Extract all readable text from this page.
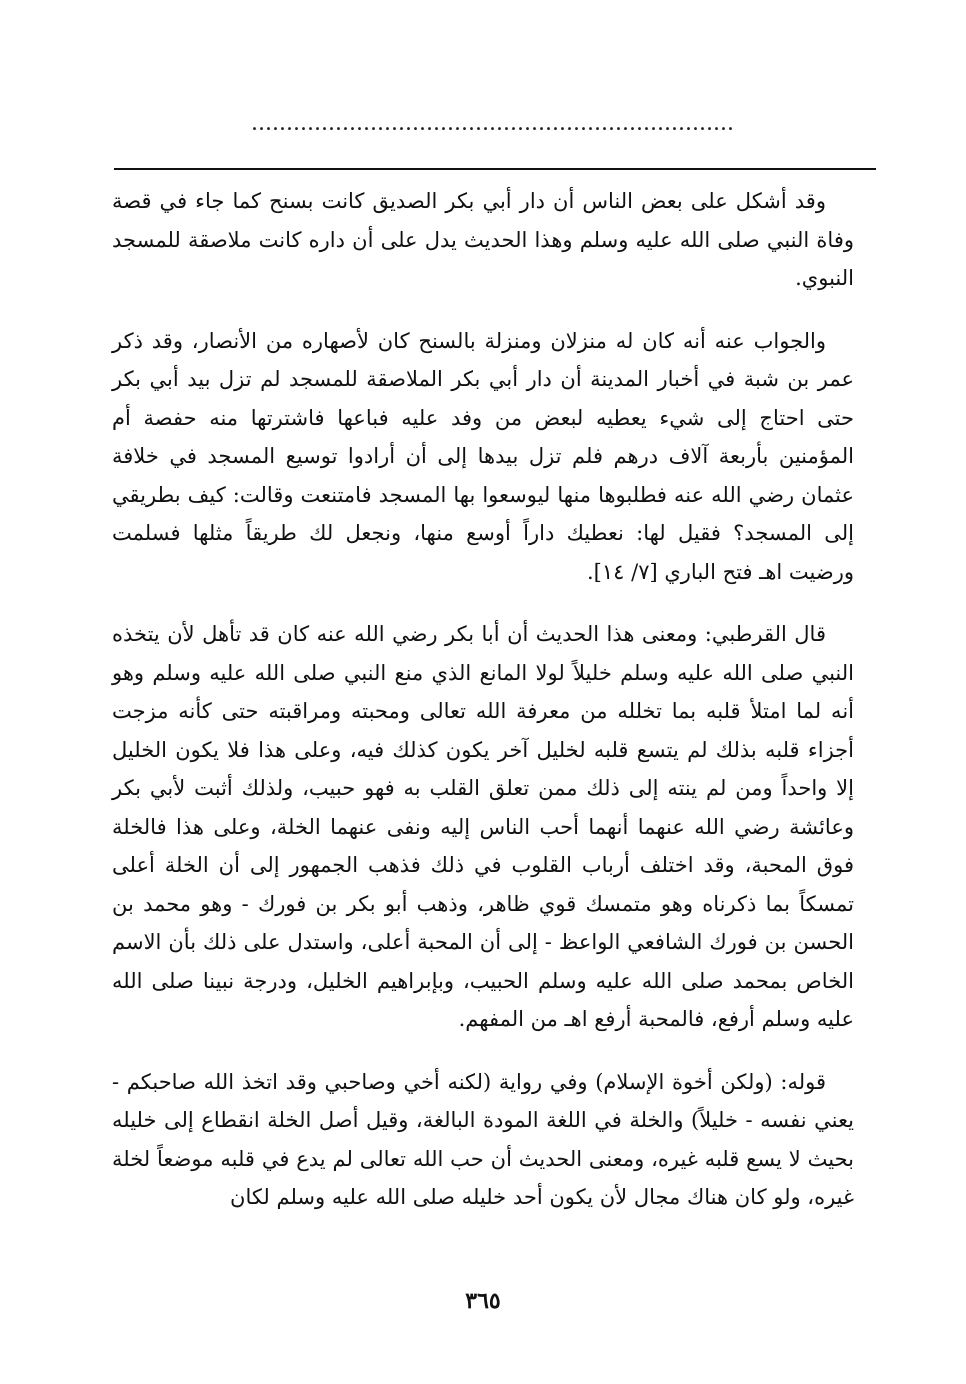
.....................................................................

وقد أشكل على بعض الناس أن دار أبي بكر الصديق كانت بسنح كما جاء في قصة وفاة النبي صلى الله عليه وسلم وهذا الحديث يدل على أن داره كانت ملاصقة للمسجد النبوي.

والجواب عنه أنه كان له منزلان ومنزلة بالسنح كان لأصهاره من الأنصار، وقد ذكر عمر بن شبة في أخبار المدينة أن دار أبي بكر الملاصقة للمسجد لم تزل بيد أبي بكر حتى احتاج إلى شيء يعطيه لبعض من وفد عليه فباعها فاشترتها منه حفصة أم المؤمنين بأربعة آلاف درهم فلم تزل بيدها إلى أن أرادوا توسيع المسجد في خلافة عثمان رضي الله عنه فطلبوها منها ليوسعوا بها المسجد فامتنعت وقالت: كيف بطريقي إلى المسجد؟ فقيل لها: نعطيك داراً أوسع منها، ونجعل لك طريقاً مثلها فسلمت ورضيت اهـ فتح الباري [٧/ ١٤].

قال القرطبي: ومعنى هذا الحديث أن أبا بكر رضي الله عنه كان قد تأهل لأن يتخذه النبي صلى الله عليه وسلم خليلاً لولا المانع الذي منع النبي صلى الله عليه وسلم وهو أنه لما امتلأ قلبه بما تخلله من معرفة الله تعالى ومحبته ومراقبته حتى كأنه مزجت أجزاء قلبه بذلك لم يتسع قلبه لخليل آخر يكون كذلك فيه، وعلى هذا فلا يكون الخليل إلا واحداً ومن لم ينته إلى ذلك ممن تعلق القلب به فهو حبيب، ولذلك أثبت لأبي بكر وعائشة رضي الله عنهما أنهما أحب الناس إليه ونفى عنهما الخلة، وعلى هذا فالخلة فوق المحبة، وقد اختلف أرباب القلوب في ذلك فذهب الجمهور إلى أن الخلة أعلى تمسكاً بما ذكرناه وهو متمسك قوي ظاهر، وذهب أبو بكر بن فورك - وهو محمد بن الحسن بن فورك الشافعي الواعظ - إلى أن المحبة أعلى، واستدل على ذلك بأن الاسم الخاص بمحمد صلى الله عليه وسلم الحبيب، وبإبراهيم الخليل، ودرجة نبينا صلى الله عليه وسلم أرفع، فالمحبة أرفع اهـ من المفهم.

قوله: (ولكن أخوة الإسلام) وفي رواية (لكنه أخي وصاحبي وقد اتخذ الله صاحبكم - يعني نفسه - خليلاً) والخلة في اللغة المودة البالغة، وقيل أصل الخلة انقطاع إلى خليله بحيث لا يسع قلبه غيره، ومعنى الحديث أن حب الله تعالى لم يدع في قلبه موضعاً لخلة غيره، ولو كان هناك مجال لأن يكون أحد خليله صلى الله عليه وسلم لكان

٣٦٥
